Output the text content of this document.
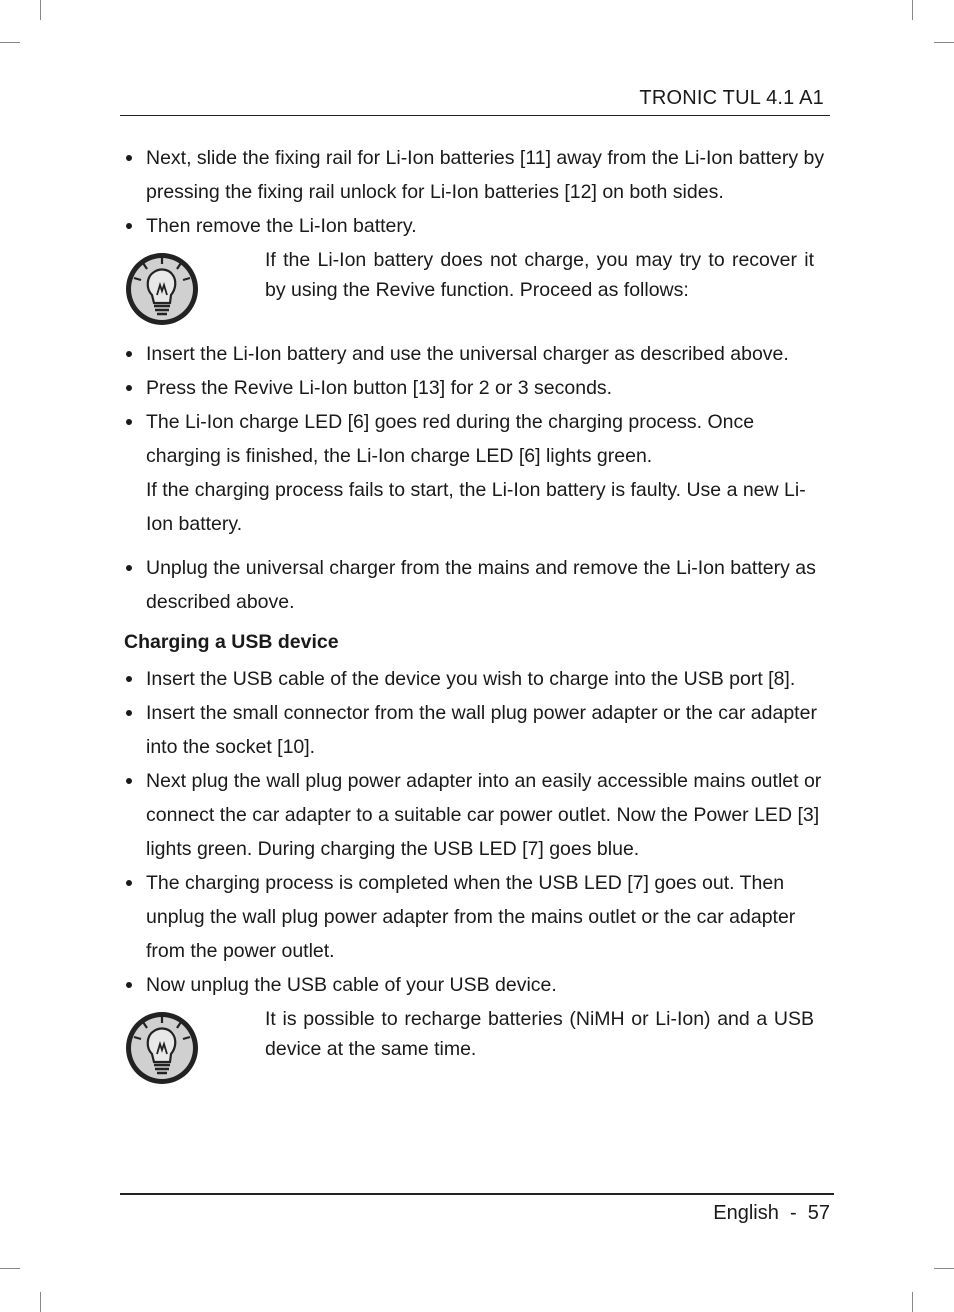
TRONIC TUL 4.1 A1
Next, slide the fixing rail for Li-Ion batteries [11] away from the Li-Ion battery by pressing the fixing rail unlock for Li-Ion batteries [12] on both sides.
Then remove the Li-Ion battery.
If the Li-Ion battery does not charge, you may try to recover it by using the Revive function. Proceed as follows:
Insert the Li-Ion battery and use the universal charger as described above.
Press the Revive Li-Ion button [13] for 2 or 3 seconds.
The Li-Ion charge LED [6] goes red during the charging process. Once charging is finished, the Li-Ion charge LED [6] lights green.
If the charging process fails to start, the Li-Ion battery is faulty. Use a new Li-Ion battery.
Unplug the universal charger from the mains and remove the Li-Ion battery as described above.
Charging a USB device
Insert the USB cable of the device you wish to charge into the USB port [8].
Insert the small connector from the wall plug power adapter or the car adapter into the socket [10].
Next plug the wall plug power adapter into an easily accessible mains outlet or connect the car adapter to a suitable car power outlet. Now the Power LED [3] lights green. During charging the USB LED [7] goes blue.
The charging process is completed when the USB LED [7] goes out. Then unplug the wall plug power adapter from the mains outlet or the car adapter from the power outlet.
Now unplug the USB cable of your USB device.
It is possible to recharge batteries (NiMH or Li-Ion) and a USB device at the same time.
English  -  57
